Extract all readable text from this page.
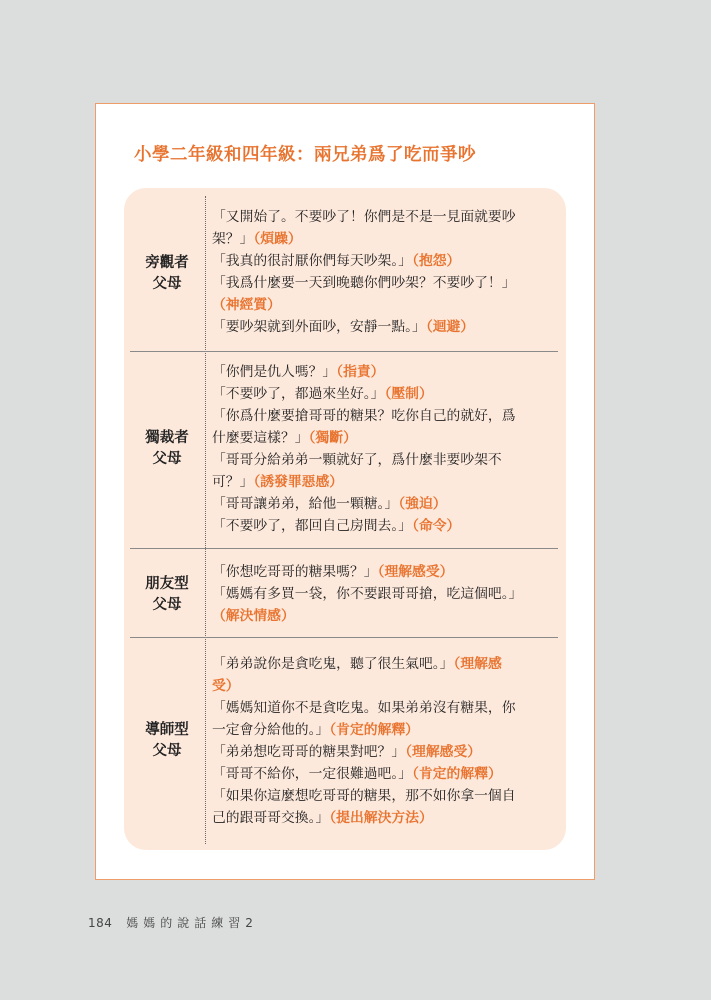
小學二年級和四年級：兩兄弟爲了吃而爭吵
旁觀者
父母
「又開始了。不要吵了！你們是不是一見面就要吵
架？」（煩躁）
「我真的很討厭你們每天吵架。」（抱怨）
「我爲什麼要一天到晚聽你們吵架？不要吵了！」
（神經質）
「要吵架就到外面吵，安靜一點。」（迴避）
獨裁者
父母
「你們是仇人嗎？」（指責）
「不要吵了，都過來坐好。」（壓制）
「你爲什麼要搶哥哥的糖果？吃你自己的就好，爲
什麼要這樣？」（獨斷）
「哥哥分給弟弟一顆就好了，爲什麼非要吵架不
可？」（誘發罪惡感）
「哥哥讓弟弟，給他一顆糖。」（強迫）
「不要吵了，都回自己房間去。」（命令）
朋友型
父母
「你想吃哥哥的糖果嗎？」（理解感受）
「媽媽有多買一袋，你不要跟哥哥搶，吃這個吧。」
（解決情感）
導師型
父母
「弟弟說你是貪吃鬼，聽了很生氣吧。」（理解感
受）
「媽媽知道你不是貪吃鬼。如果弟弟沒有糖果，你
一定會分給他的。」（肯定的解釋）
「弟弟想吃哥哥的糖果對吧？」（理解感受）
「哥哥不給你，一定很難過吧。」（肯定的解釋）
「如果你這麼想吃哥哥的糖果，那不如你拿一個自
己的跟哥哥交換。」（提出解決方法）
184 媽媽的說話練習2
